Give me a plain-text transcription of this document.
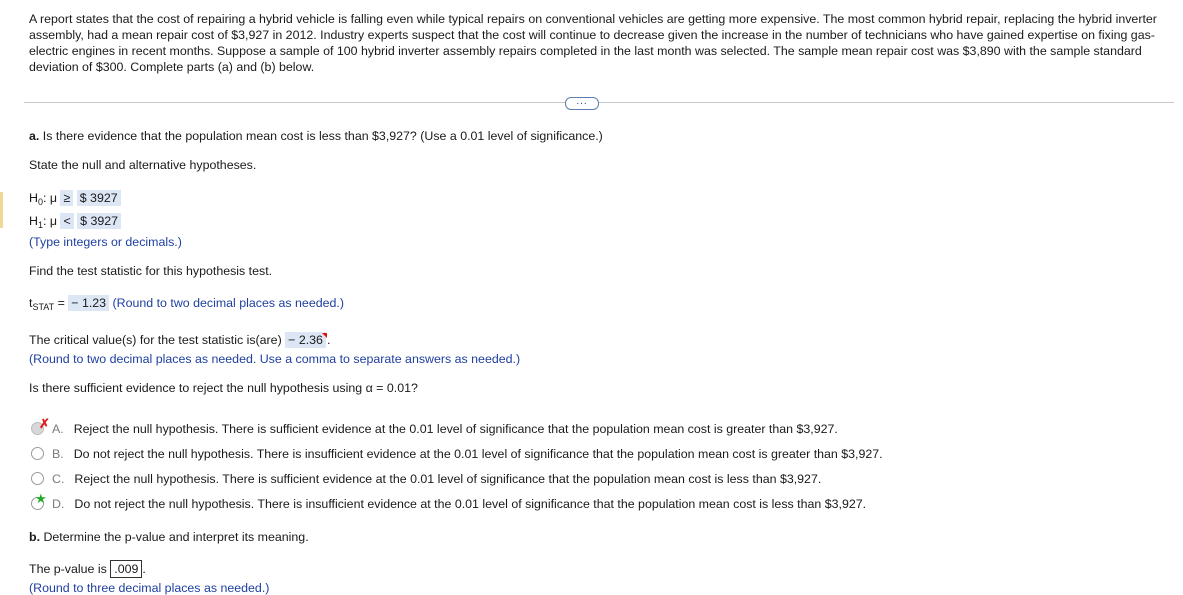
A report states that the cost of repairing a hybrid vehicle is falling even while typical repairs on conventional vehicles are getting more expensive. The most common hybrid repair, replacing the hybrid inverter assembly, had a mean repair cost of $3,927 in 2012. Industry experts suspect that the cost will continue to decrease given the increase in the number of technicians who have gained expertise on fixing gas-electric engines in recent months. Suppose a sample of 100 hybrid inverter assembly repairs completed in the last month was selected. The sample mean repair cost was $3,890 with the sample standard deviation of $300. Complete parts (a) and (b) below.
...
a. Is there evidence that the population mean cost is less than $3,927? (Use a 0.01 level of significance.)
State the null and alternative hypotheses.
$H_0$: μ ≥ $ 3927
$H_1$: μ < $ 3927
(Type integers or decimals.)
Find the test statistic for this hypothesis test.
$t_{STAT}$ = − 1.23 (Round to two decimal places as needed.)
The critical value(s) for the test statistic is(are) − 2.36 .
(Round to two decimal places as needed. Use a comma to separate answers as needed.)
Is there sufficient evidence to reject the null hypothesis using α = 0.01?
✗ A. Reject the null hypothesis. There is sufficient evidence at the 0.01 level of significance that the population mean cost is greater than $3,927.
B. Do not reject the null hypothesis. There is insufficient evidence at the 0.01 level of significance that the population mean cost is greater than $3,927.
C. Reject the null hypothesis. There is sufficient evidence at the 0.01 level of significance that the population mean cost is less than $3,927.
★ D. Do not reject the null hypothesis. There is insufficient evidence at the 0.01 level of significance that the population mean cost is less than $3,927.
b. Determine the p-value and interpret its meaning.
The p-value is .009 .
(Round to three decimal places as needed.)
